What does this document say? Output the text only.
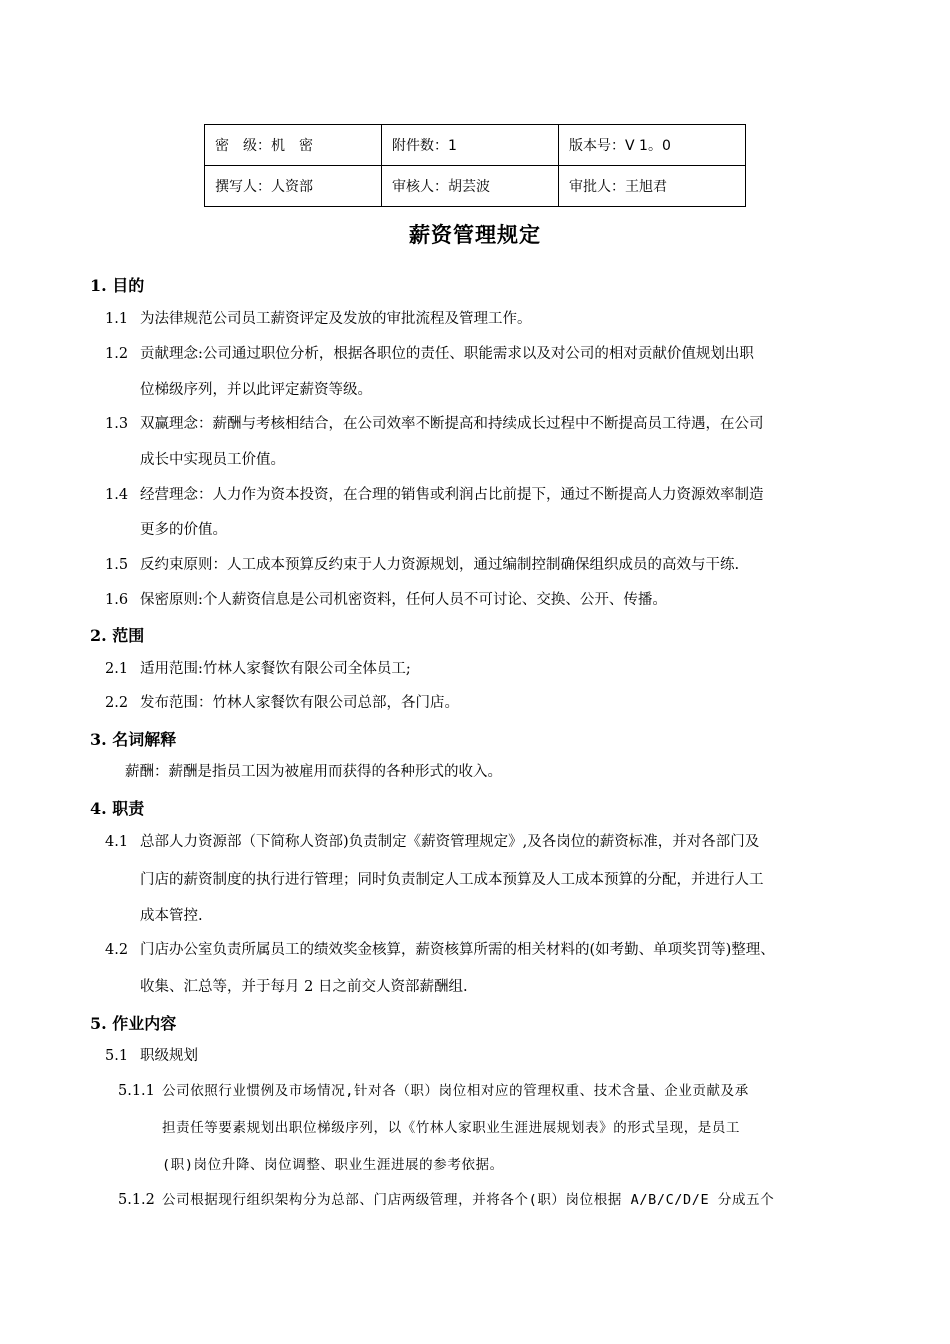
密　级：机　密	附件数：1	版本号：V 1。0
撰写人：人资部	审核人：胡芸波	审批人：王旭君
薪资管理规定
1. 目的
1.1 为法律规范公司员工薪资评定及发放的审批流程及管理工作。
1.2 贡献理念:公司通过职位分析，根据各职位的责任、职能需求以及对公司的相对贡献价值规划出职
位梯级序列，并以此评定薪资等级。
1.3 双赢理念：薪酬与考核相结合，在公司效率不断提高和持续成长过程中不断提高员工待遇，在公司
成长中实现员工价值。
1.4 经营理念：人力作为资本投资，在合理的销售或利润占比前提下，通过不断提高人力资源效率制造
更多的价值。
1.5 反约束原则：人工成本预算反约束于人力资源规划，通过编制控制确保组织成员的高效与干练.
1.6 保密原则:个人薪资信息是公司机密资料，任何人员不可讨论、交换、公开、传播。
2. 范围
2.1 适用范围:竹林人家餐饮有限公司全体员工;
2.2 发布范围：竹林人家餐饮有限公司总部，各门店。
3. 名词解释
薪酬：薪酬是指员工因为被雇用而获得的各种形式的收入。
4. 职责
4.1 总部人力资源部（下简称人资部)负责制定《薪资管理规定》,及各岗位的薪资标准，并对各部门及
门店的薪资制度的执行进行管理；同时负责制定人工成本预算及人工成本预算的分配，并进行人工
成本管控.
4.2 门店办公室负责所属员工的绩效奖金核算，薪资核算所需的相关材料的(如考勤、单项奖罚等)整理、
收集、汇总等，并于每月 2 日之前交人资部薪酬组.
5. 作业内容
5.1 职级规划
5.1.1 公司依照行业惯例及市场情况,针对各（职）岗位相对应的管理权重、技术含量、企业贡献及承
担责任等要素规划出职位梯级序列，以《竹林人家职业生涯进展规划表》的形式呈现，是员工
(职)岗位升降、岗位调整、职业生涯进展的参考依据。
5.1.2 公司根据现行组织架构分为总部、门店两级管理，并将各个(职）岗位根据 A/B/C/D/E 分成五个
